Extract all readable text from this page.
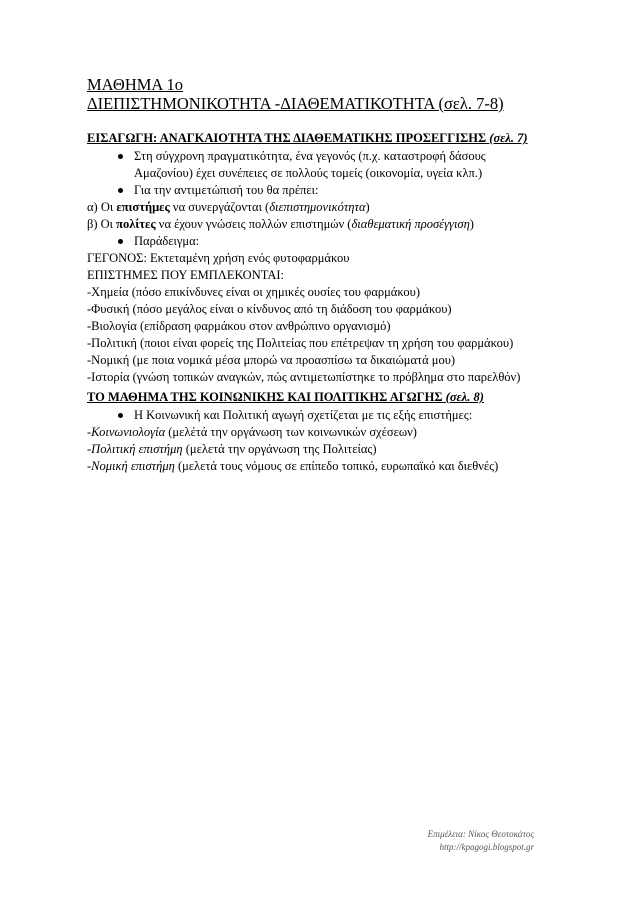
ΜΑΘΗΜΑ 1ο
ΔΙΕΠΙΣΤΗΜΟΝΙΚΟΤΗΤΑ -ΔΙΑΘΕΜΑΤΙΚΟΤΗΤΑ (σελ. 7-8)
ΕΙΣΑΓΩΓΗ: ΑΝΑΓΚΑΙΟΤΗΤΑ ΤΗΣ ΔΙΑΘΕΜΑΤΙΚΗΣ ΠΡΟΣΕΓΓΙΣΗΣ (σελ. 7)
Στη σύγχρονη πραγματικότητα, ένα γεγονός (π.χ. καταστροφή δάσους
Αμαζονίου) έχει συνέπειες σε πολλούς τομείς (οικονομία, υγεία κλπ.)
Για την αντιμετώπισή του θα πρέπει:
α) Οι επιστήμες να συνεργάζονται (διεπιστημονικότητα)
β) Οι πολίτες να έχουν γνώσεις πολλών επιστημών (διαθεματική προσέγγιση)
Παράδειγμα:
ΓΕΓΟΝΟΣ: Εκτεταμένη χρήση ενός φυτοφαρμάκου
ΕΠΙΣΤΗΜΕΣ ΠΟΥ ΕΜΠΛΕΚΟΝΤΑΙ:
-Χημεία (πόσο επικίνδυνες είναι οι χημικές ουσίες του φαρμάκου)
-Φυσική (πόσο μεγάλος είναι ο κίνδυνος από τη διάδοση του φαρμάκου)
-Βιολογία (επίδραση φαρμάκου στον ανθρώπινο οργανισμό)
-Πολιτική (ποιοι είναι φορείς της Πολιτείας που επέτρεψαν τη χρήση του φαρμάκου)
-Νομική (με ποια νομικά μέσα μπορώ να προασπίσω τα δικαιώματά μου)
-Ιστορία (γνώση τοπικών αναγκών, πώς αντιμετωπίστηκε το πρόβλημα στο παρελθόν)
ΤΟ ΜΑΘΗΜΑ ΤΗΣ ΚΟΙΝΩΝΙΚΗΣ ΚΑΙ ΠΟΛΙΤΙΚΗΣ ΑΓΩΓΗΣ (σελ. 8)
Η Κοινωνική και Πολιτική αγωγή σχετίζεται με τις εξής επιστήμες:
-Κοινωνιολογία (μελέτά την οργάνωση των κοινωνικών σχέσεων)
-Πολιτική επιστήμη (μελετά την οργάνωση της Πολιτείας)
-Νομική επιστήμη (μελετά τους νόμους σε επίπεδο τοπικό, ευρωπαϊκό και διεθνές)
Επιμέλεια: Νίκος Θεοτοκάτος
http://kpagogi.blogspot.gr
